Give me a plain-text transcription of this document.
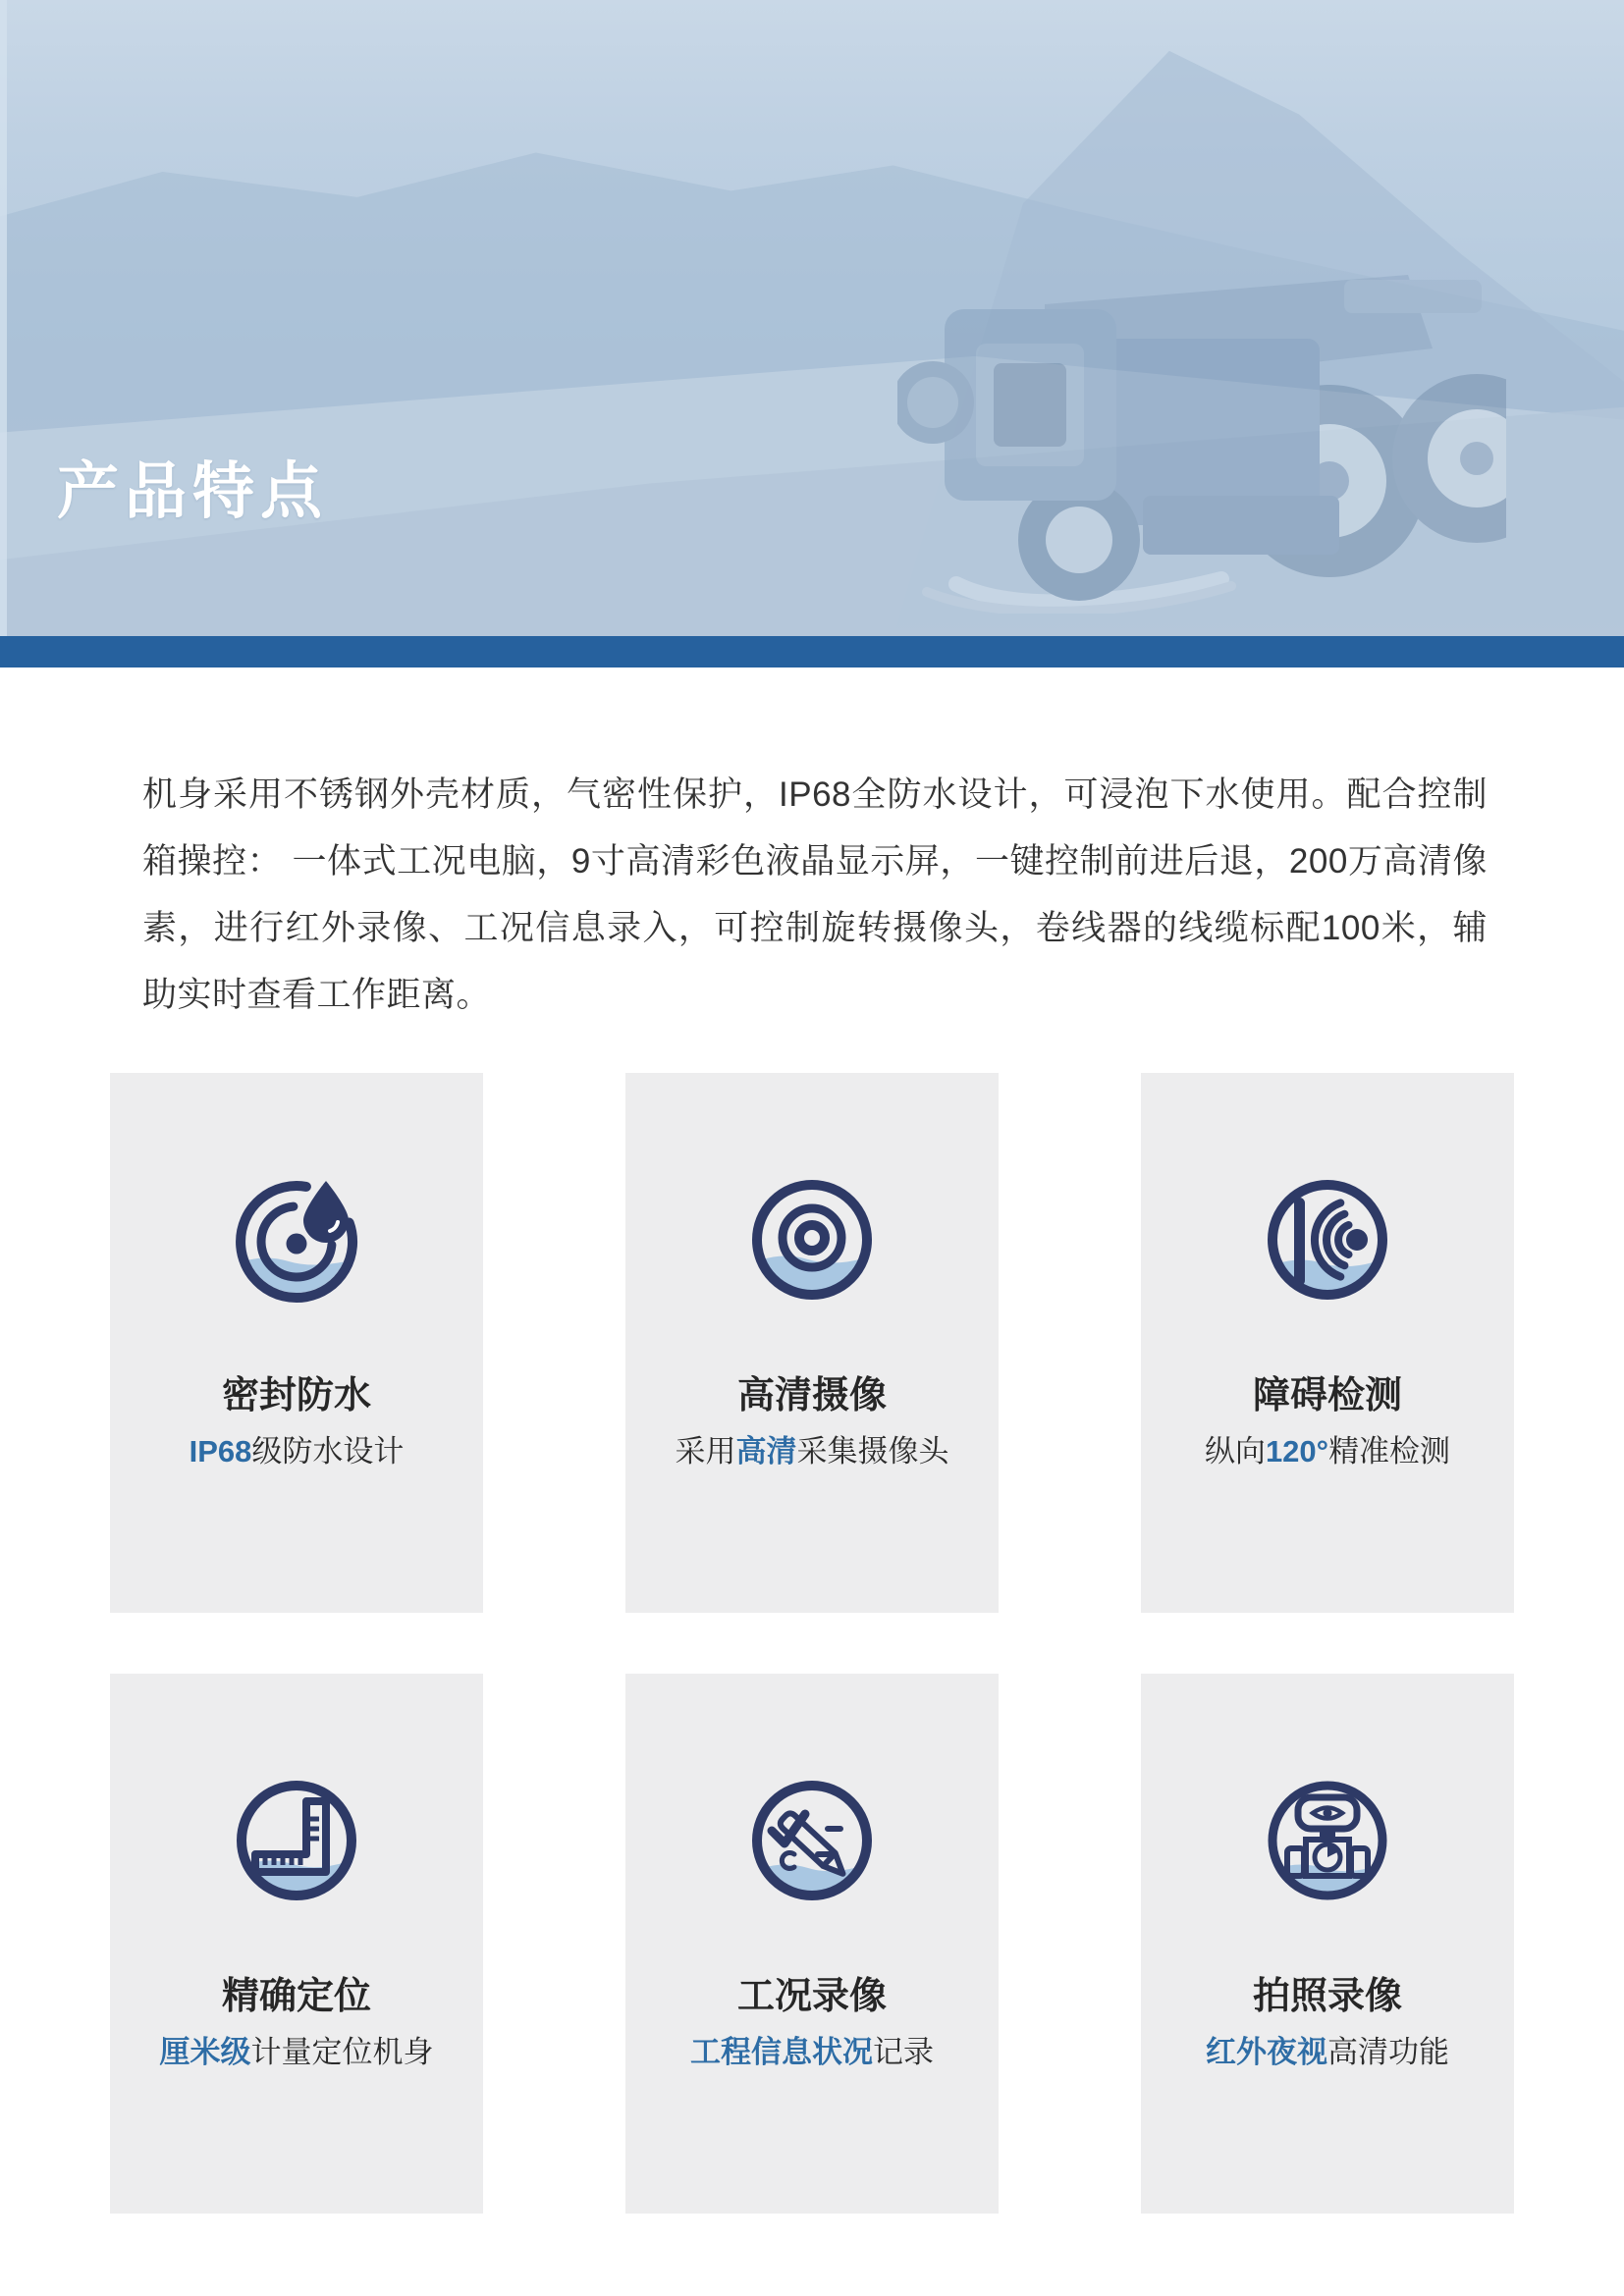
产品特点

机身采用不锈钢外壳材质，气密性保护，IP68全防水设计，可浸泡下水使用。配合控制箱操控： 一体式工况电脑，9寸高清彩色液晶显示屏，一键控制前进后退，200万高清像素，进行红外录像、工况信息录入，可控制旋转摄像头，卷线器的线缆标配100米，辅助实时查看工作距离。

密封防水
IP68级防水设计
高清摄像
采用高清采集摄像头
障碍检测
纵向120°精准检测
精确定位
厘米级计量定位机身
工况录像
工程信息状况记录
拍照录像
红外夜视高清功能
